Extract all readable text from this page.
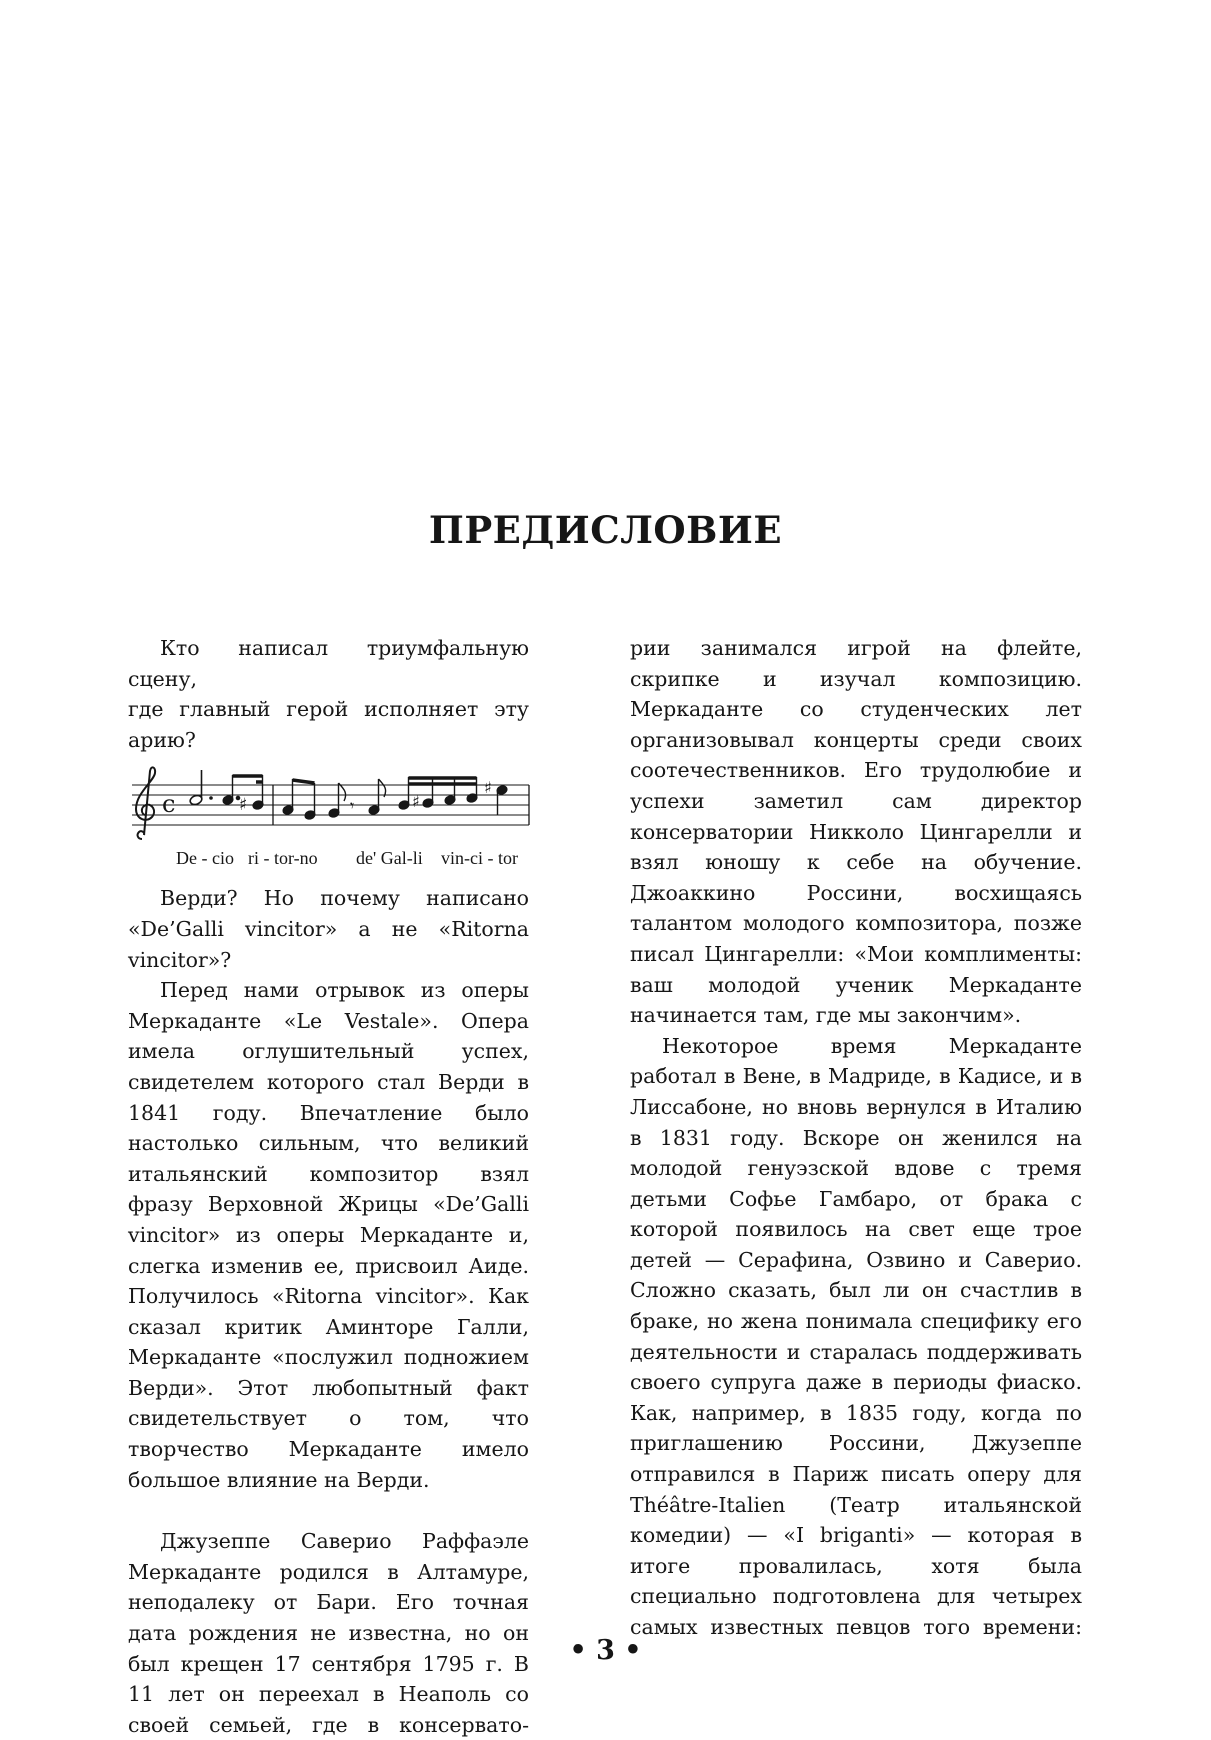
ПРЕДИСЛОВИЕ

Кто написал триумфальную сцену,

где главный герой исполняет эту арию?

c	♯	𝄾	♯
♯
De - cio ri - tor-no de' Gal-li vin-ci - tor

Верди? Но почему написано «De’Galli vincitor» а не «Ritorna vincitor»?

Перед нами отрывок из оперы Меркаданте «Le Vestale». Опера имела оглушительный успех, свидетелем которого стал Верди в 1841 году. Впечатление было настолько сильным, что великий итальянский композитор взял фразу Верховной Жрицы «De’Galli vincitor» из оперы Меркаданте и, слегка изменив ее, присвоил Аиде. Получилось «Ritorna vincitor». Как сказал критик Аминторе Галли, Меркаданте «послужил подножием Верди». Этот любопытный факт свидетельствует о том, что творчество Меркаданте имело большое влияние на Верди.

Джузеппе Саверио Раффаэле Меркаданте родился в Алтамуре, неподалеку от Бари. Его точная дата рождения не известна, но он был крещен 17 сентября 1795 г. В 11 лет он переехал в Неаполь со своей семьей, где в консервато-

рии занимался игрой на флейте, скрипке и изучал композицию. Меркаданте со студенческих лет организовывал концерты среди своих соотечественников. Его трудолюбие и успехи заметил сам директор консерватории Никколо Цингарелли и взял юношу к себе на обучение. Джоаккино Россини, восхищаясь талантом молодого композитора, позже писал Цингарелли: «Мои комплименты: ваш молодой ученик Меркаданте начинается там, где мы закончим».

Некоторое время Меркаданте работал в Вене, в Мадриде, в Кадисе, и в Лиссабоне, но вновь вернулся в Италию в 1831 году. Вскоре он женился на молодой генуэзской вдове с тремя детьми Софье Гамбаро, от брака с которой появилось на свет еще трое детей — Серафина, Озвино и Саверио. Сложно сказать, был ли он счастлив в браке, но жена понимала специфику его деятельности и старалась поддерживать своего супруга даже в периоды фиаско. Как, например, в 1835 году, когда по приглашению Россини, Джузеппе отправился в Париж писать оперу для Théâtre-Italien (Театр итальянской комедии) — «I briganti» — которая в итоге провалилась, хотя была специально подготовлена для четырех самых известных певцов того времени:

• 3 •
